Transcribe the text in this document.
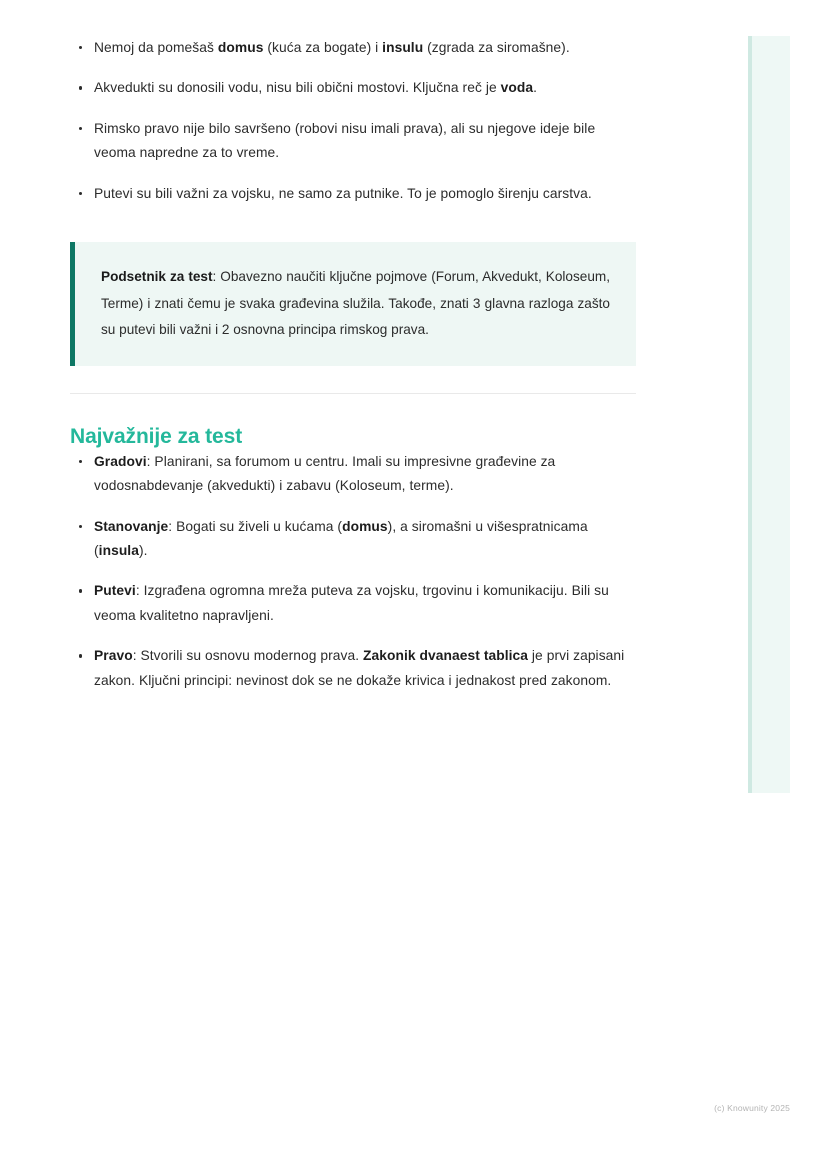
Nemoj da pomešaš domus (kuća za bogate) i insulu (zgrada za siromašne).
Akvedukti su donosili vodu, nisu bili obični mostovi. Ključna reč je voda.
Rimsko pravo nije bilo savršeno (robovi nisu imali prava), ali su njegove ideje bile veoma napredne za to vreme.
Putevi su bili važni za vojsku, ne samo za putnike. To je pomoglo širenju carstva.

Podsetnik za test: Obavezno naučiti ključne pojmove (Forum, Akvedukt, Koloseum, Terme) i znati čemu je svaka građevina služila. Takođe, znati 3 glavna razloga zašto su putevi bili važni i 2 osnovna principa rimskog prava.

Najvažnije za test
Gradovi: Planirani, sa forumom u centru. Imali su impresivne građevine za vodosnabdevanje (akvedukti) i zabavu (Koloseum, terme).
Stanovanje: Bogati su živeli u kućama (domus), a siromašni u višespratnicama (insula).
Putevi: Izgrađena ogromna mreža puteva za vojsku, trgovinu i komunikaciju. Bili su veoma kvalitetno napravljeni.
Pravo: Stvorili su osnovu modernog prava. Zakonik dvanaest tablica je prvi zapisani zakon. Ključni principi: nevinost dok se ne dokaže krivica i jednakost pred zakonom.
(c) Knowunity 2025
